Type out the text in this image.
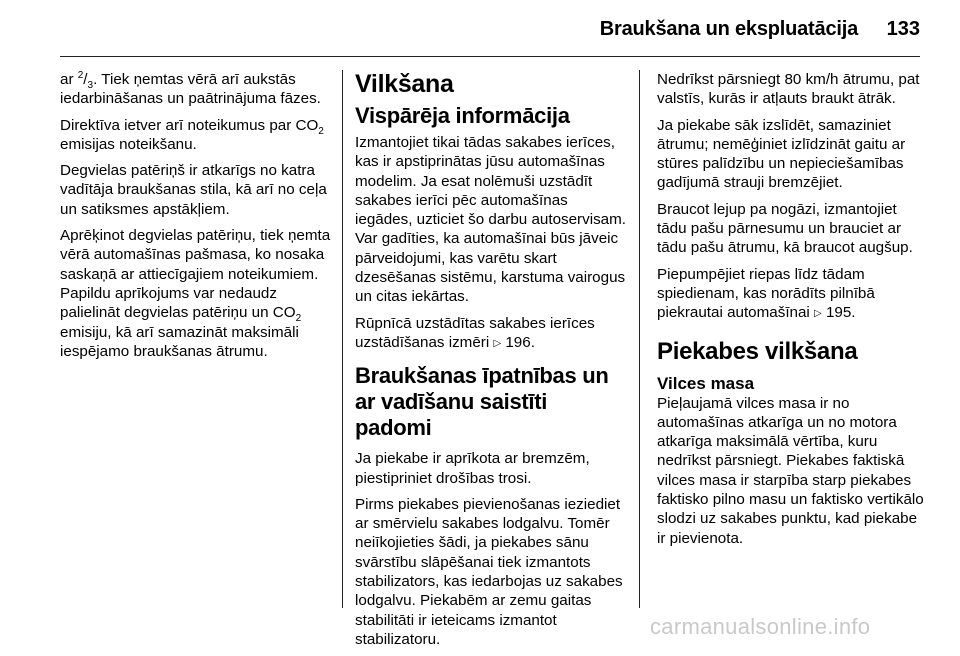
Braukšana un ekspluatācija 133

ar $^2/_3$. Tiek ņemtas vērā arī aukstās iedarbināšanas un paātrinājuma fāzes.

Direktīva ietver arī noteikumus par $CO_2$ emisijas noteikšanu.

Degvielas patēriņš ir atkarīgs no katra vadītāja braukšanas stila, kā arī no ceļa un satiksmes apstākļiem.

Aprēķinot degvielas patēriņu, tiek ņemta vērā automašīnas pašmasa, ko nosaka saskaņā ar attiecīgajiem noteikumiem. Papildu aprīkojums var nedaudz palielināt degvielas patēriņu un $CO_2$ emisiju, kā arī samazināt maksimāli iespējamo braukšanas ātrumu.

Vilkšana
Vispārēja informācija

Izmantojiet tikai tādas sakabes ierīces, kas ir apstiprinātas jūsu automašīnas modelim. Ja esat nolēmuši uzstādīt sakabes ierīci pēc automašīnas iegādes, uzticiet šo darbu autoservisam. Var gadīties, ka automašīnai būs jāveic pārveidojumi, kas varētu skart dzesēšanas sistēmu, karstuma vairogus un citas iekārtas.

Rūpnīcā uzstādītas sakabes ierīces uzstādīšanas izmēri ▷ 196.

Braukšanas īpatnības un ar vadīšanu saistīti padomi

Ja piekabe ir aprīkota ar bremzēm, piestipriniet drošības trosi.

Pirms piekabes pievienošanas ieziediet ar smērvielu sakabes lodgalvu. Tomēr neiīkojieties šādi, ja piekabes sānu svārstību slāpēšanai tiek izmantots stabilizators, kas iedarbojas uz sakabes lodgalvu. Piekabēm ar zemu gaitas stabilitāti ir ieteicams izmantot stabilizatoru.

Nedrīkst pārsniegt 80 km/h ātrumu, pat valstīs, kurās ir atļauts braukt ātrāk.

Ja piekabe sāk izslīdēt, samaziniet ātrumu; nemēģiniet izlīdzināt gaitu ar stūres palīdzību un nepieciešamības gadījumā strauji bremzējiet.

Braucot lejup pa nogāzi, izmantojiet tādu pašu pārnesumu un brauciet ar tādu pašu ātrumu, kā braucot augšup.

Piepumpējiet riepas līdz tādam spiedienam, kas norādīts pilnībā piekrautai automašīnai ▷ 195.

Piekabes vilkšana
Vilces masa

Pieļaujamā vilces masa ir no automašīnas atkarīga un no motora atkarīga maksimālā vērtība, kuru nedrīkst pārsniegt. Piekabes faktiskā vilces masa ir starpība starp piekabes faktisko pilno masu un faktisko vertikālo slodzi uz sakabes punktu, kad piekabe ir pievienota.

carmanualsonline.info
